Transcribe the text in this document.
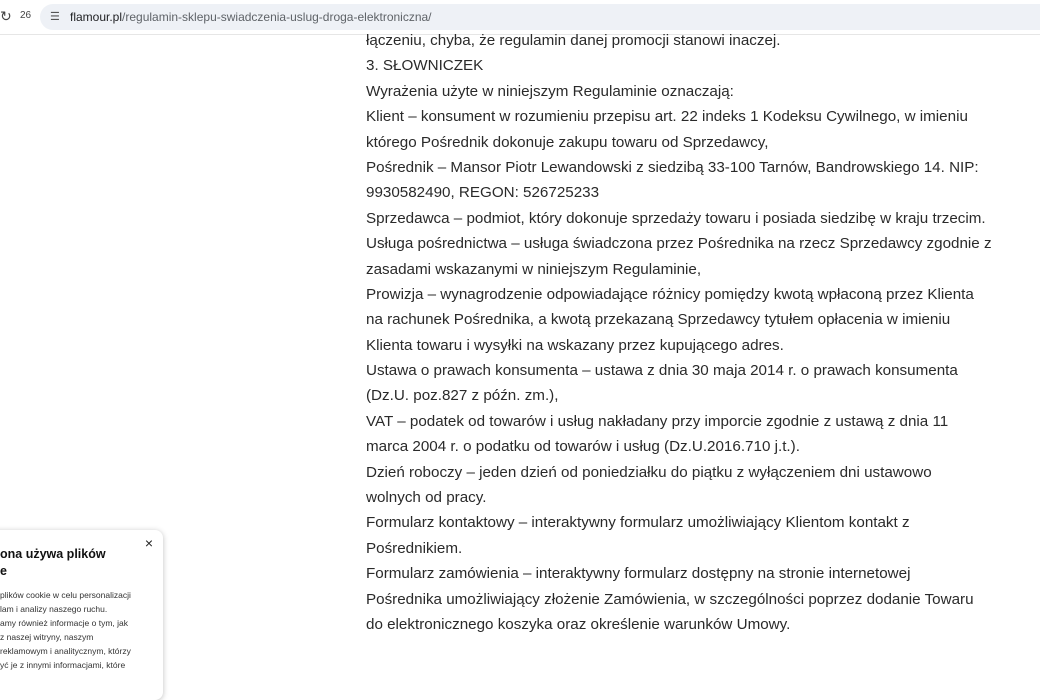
↻ 26 ☰ flamour.pl/regulamin-sklepu-swiadczenia-uslug-droga-elektroniczna/

łączeniu, chyba, że regulamin danej promocji stanowi inaczej.

3. SŁOWNICZEK

Wyrażenia użyte w niniejszym Regulaminie oznaczają:

Klient – konsument w rozumieniu przepisu art. 22 indeks 1 Kodeksu Cywilnego, w imieniu

którego Pośrednik dokonuje zakupu towaru od Sprzedawcy,

Pośrednik – Mansor Piotr Lewandowski z siedzibą 33-100 Tarnów, Bandrowskiego 14. NIP:

9930582490, REGON: 526725233

Sprzedawca – podmiot, który dokonuje sprzedaży towaru i posiada siedzibę w kraju trzecim.

Usługa pośrednictwa – usługa świadczona przez Pośrednika na rzecz Sprzedawcy zgodnie z

zasadami wskazanymi w niniejszym Regulaminie,

Prowizja – wynagrodzenie odpowiadające różnicy pomiędzy kwotą wpłaconą przez Klienta

na rachunek Pośrednika, a kwotą przekazaną Sprzedawcy tytułem opłacenia w imieniu

Klienta towaru i wysyłki na wskazany przez kupującego adres.

Ustawa o prawach konsumenta – ustawa z dnia 30 maja 2014 r. o prawach konsumenta

(Dz.U. poz.827 z późn. zm.),

VAT – podatek od towarów i usług nakładany przy imporcie zgodnie z ustawą z dnia 11

marca 2004 r. o podatku od towarów i usług (Dz.U.2016.710 j.t.).

Dzień roboczy – jeden dzień od poniedziałku do piątku z wyłączeniem dni ustawowo

wolnych od pracy.

Formularz kontaktowy – interaktywny formularz umożliwiający Klientom kontakt z

Pośrednikiem.

Formularz zamówienia – interaktywny formularz dostępny na stronie internetowej

Pośrednika umożliwiający złożenie Zamówienia, w szczególności poprzez dodanie Towaru

do elektronicznego koszyka oraz określenie warunków Umowy.

×
ona używa plików
e
plików cookie w celu personalizacji
lam i analizy naszego ruchu.
amy również informacje o tym, jak
z naszej witryny, naszym
reklamowym i analitycznym, którzy
yć je z innymi informacjami, które
